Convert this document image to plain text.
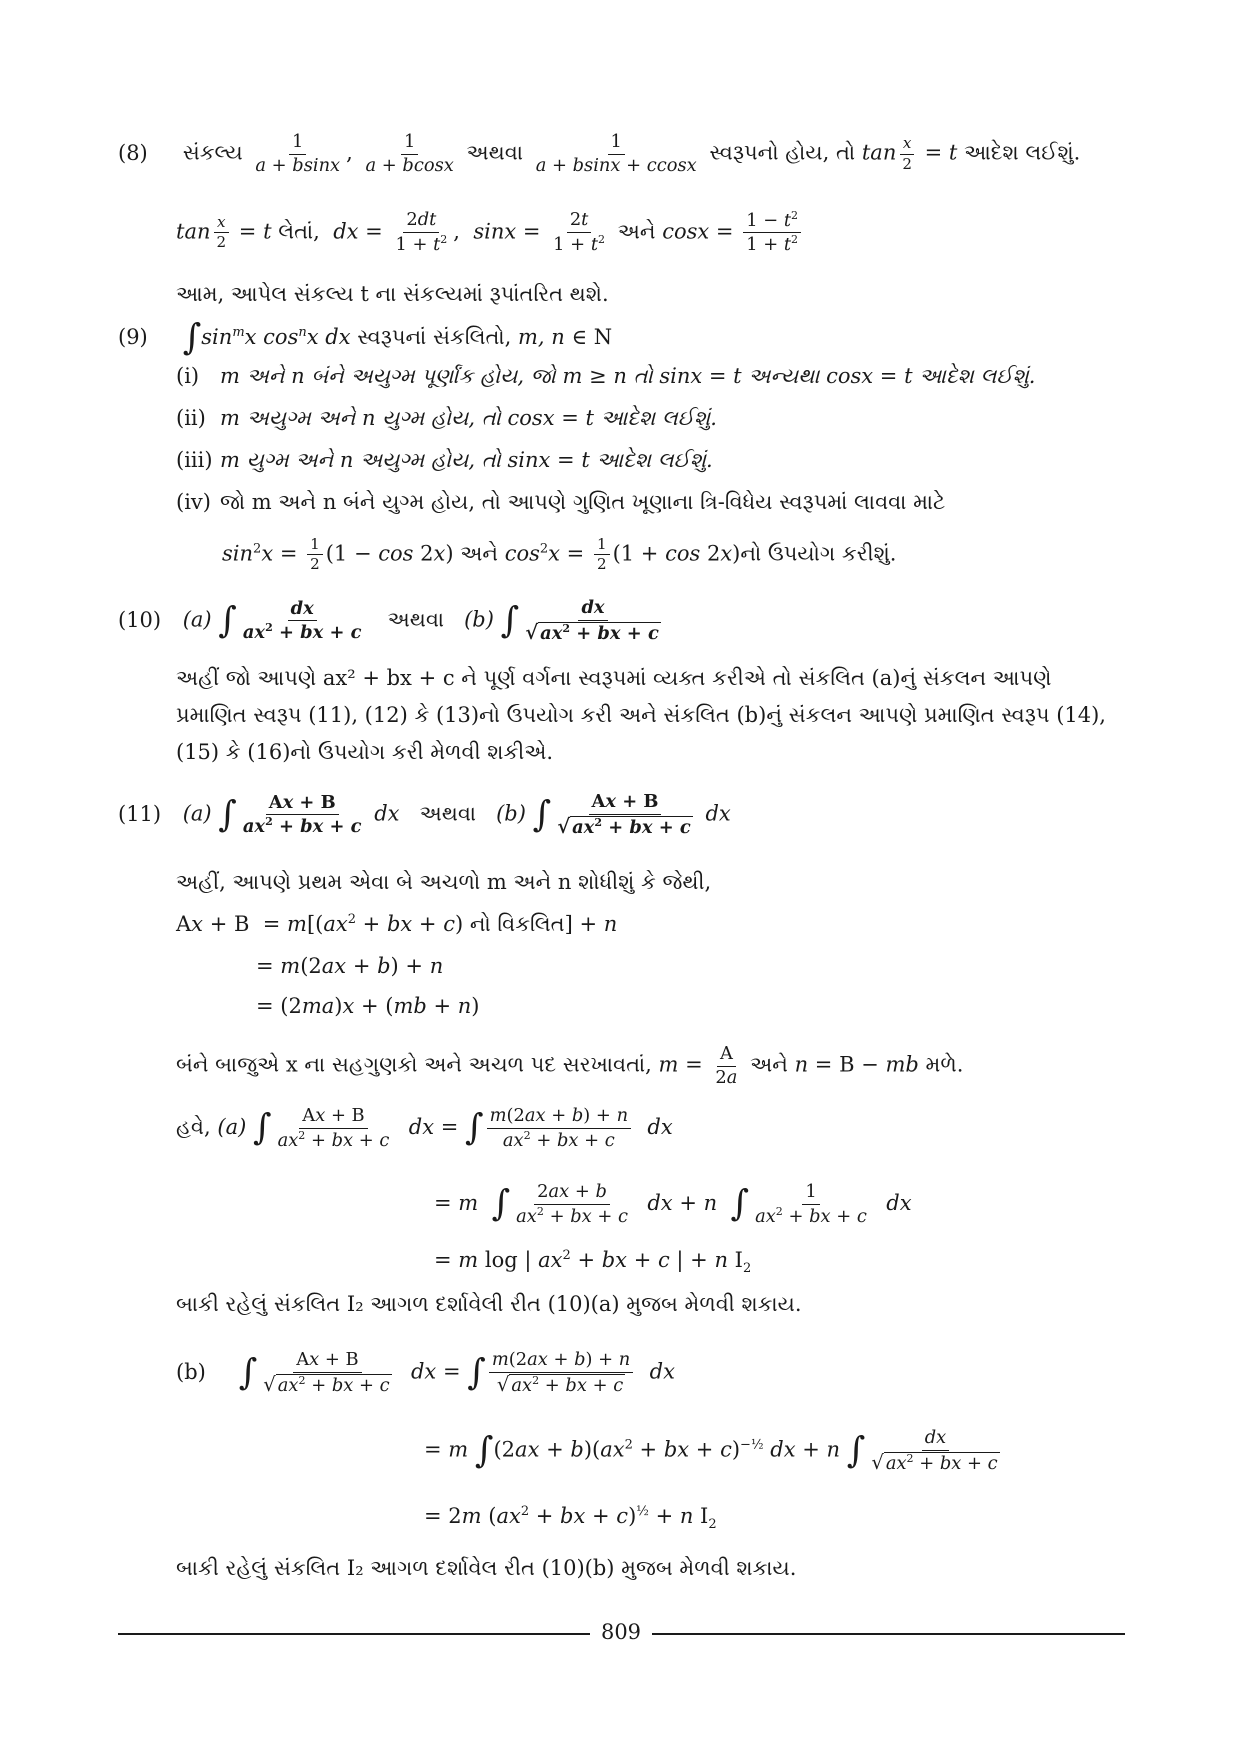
(8) સંકલ્ય $\frac{1}{a + bsinx}$ , $\frac{1}{a + bcosx}$ અથવા $\frac{1}{a + bsinx + ccosx}$ સ્વરૂપનો હોય, તો $\tan \frac{x}{2} = t$ આદેશ લઈશું.
$\tan \frac{x}{2} = t$ લેતાં, dx = $\frac{2dt}{1 + t^2}$ ,  $\sin x = \frac{2t}{1 + t^2}$ અને $\cos x = \frac{1 - t^2}{1 + t^2}$
આમ, આપેલ સંકલ્ય t ના સંકલ્યમાં રૂપાંતરિત થશે.
(9) $\int\sin^mx$ $\cos^nx$ dx સ્વરૂપનાં સંકલિતો, m, n ∈ N
(i) m અને n બંને અયુગ્મ પૂર્ણાંક હોય, જો m ≥ n તો sinx = t અન્યથા cosx = t આદેશ લઈશું.
(ii) m અયુગ્મ અને n યુગ્મ હોય, તો cosx = t આદેશ લઈશું.
(iii) m યુગ્મ અને n અયુગ્મ હોય, તો sinx = t આદેશ લઈશું.
(iv) જો m અને n બંને યુગ્મ હોય, તો આપણે ગુણિત ખૂણાના ત્રિ-વિધેય સ્વરૂપમાં લાવવા માટે
$\sin^2x = \frac{1}{2} (1 - \cos 2x)$ અને $\cos^2x = \frac{1}{2} (1 + \cos$ 2x)નો ઉપયોગ કરીશું.
(10) (a) ∫ $\frac{dx}{ax^2 + bx + c}$ અથવા (b) ∫ $\frac{dx}{√ ax^2 + bx + c}$
અહીં જો આપણે ax² + bx + c ને પૂર્ણ વર્ગના સ્વરૂપમાં વ્યક્ત કરીએ તો સંકલિત (a)નું સંકલન આપણે પ્રમાણિત સ્વરૂપ (11), (12) કે (13)નો ઉપયોગ કરી અને સંકલિત (b)નું સંકલન આપણે પ્રમાણિત સ્વરૂપ (14), (15) કે (16)નો ઉપયોગ કરી મેળવી શકીએ.
(11) (a) ∫ $\frac{Ax + B}{ax^2 + bx + c}$ dx અથવા (b) ∫ $\frac{Ax + B}{√ ax^2 + bx + c}$ dx
અહીં, આપણે પ્રથમ એવા બે અચળો m અને n શોધીશું કે જેથી,
$Ax + B = m[(ax^2$ + bx + c) નો વિકલિત] + n
= m(2ax + b) + n
= (2ma)x + (mb + n)
બંને બાજુએ x ના સહગુણકો અને અચળ પદ સરખાવતાં, $m = \frac{A}{2a}$ અને n = B − mb મળે.
હવે, (a) ∫ $\frac{Ax + B}{ax^2 + bx + c}$ dx = ∫ $\frac{m(2ax + b) + n}{ax^2 + bx + c}$ dx
= m ∫ $\frac{2ax + b}{ax^2 + bx + c}$ dx + n ∫ $\frac{1}{ax^2 + bx + c}$ dx
= m log | $ax^2$ + bx + c | + n $I_2$
બાકી રહેલું સંકલિત I₂ આગળ દર્શાવેલી રીત (10)(a) મુજબ મેળવી શકાય.
(b) ∫ $\frac{Ax + B}{√ ax^2 + bx + c}$ dx = ∫ $\frac{m(2ax + b) + n}{√ ax^2 + bx + c}$ dx
= m $\int(2ax + b)(ax^2$ + bx + c)$^{-\frac{1}{2}}$ dx + n ∫ $\frac{dx}{√ ax^2 + bx + c}$
= 2m ($ax^2$ + bx + c)$^{\frac{1}{2}}$ + n $I_2$
બાકી રહેલું સંકલિત I₂ આગળ દર્શાવેલ રીત (10)(b) મુજબ મેળવી શકાય.
809
